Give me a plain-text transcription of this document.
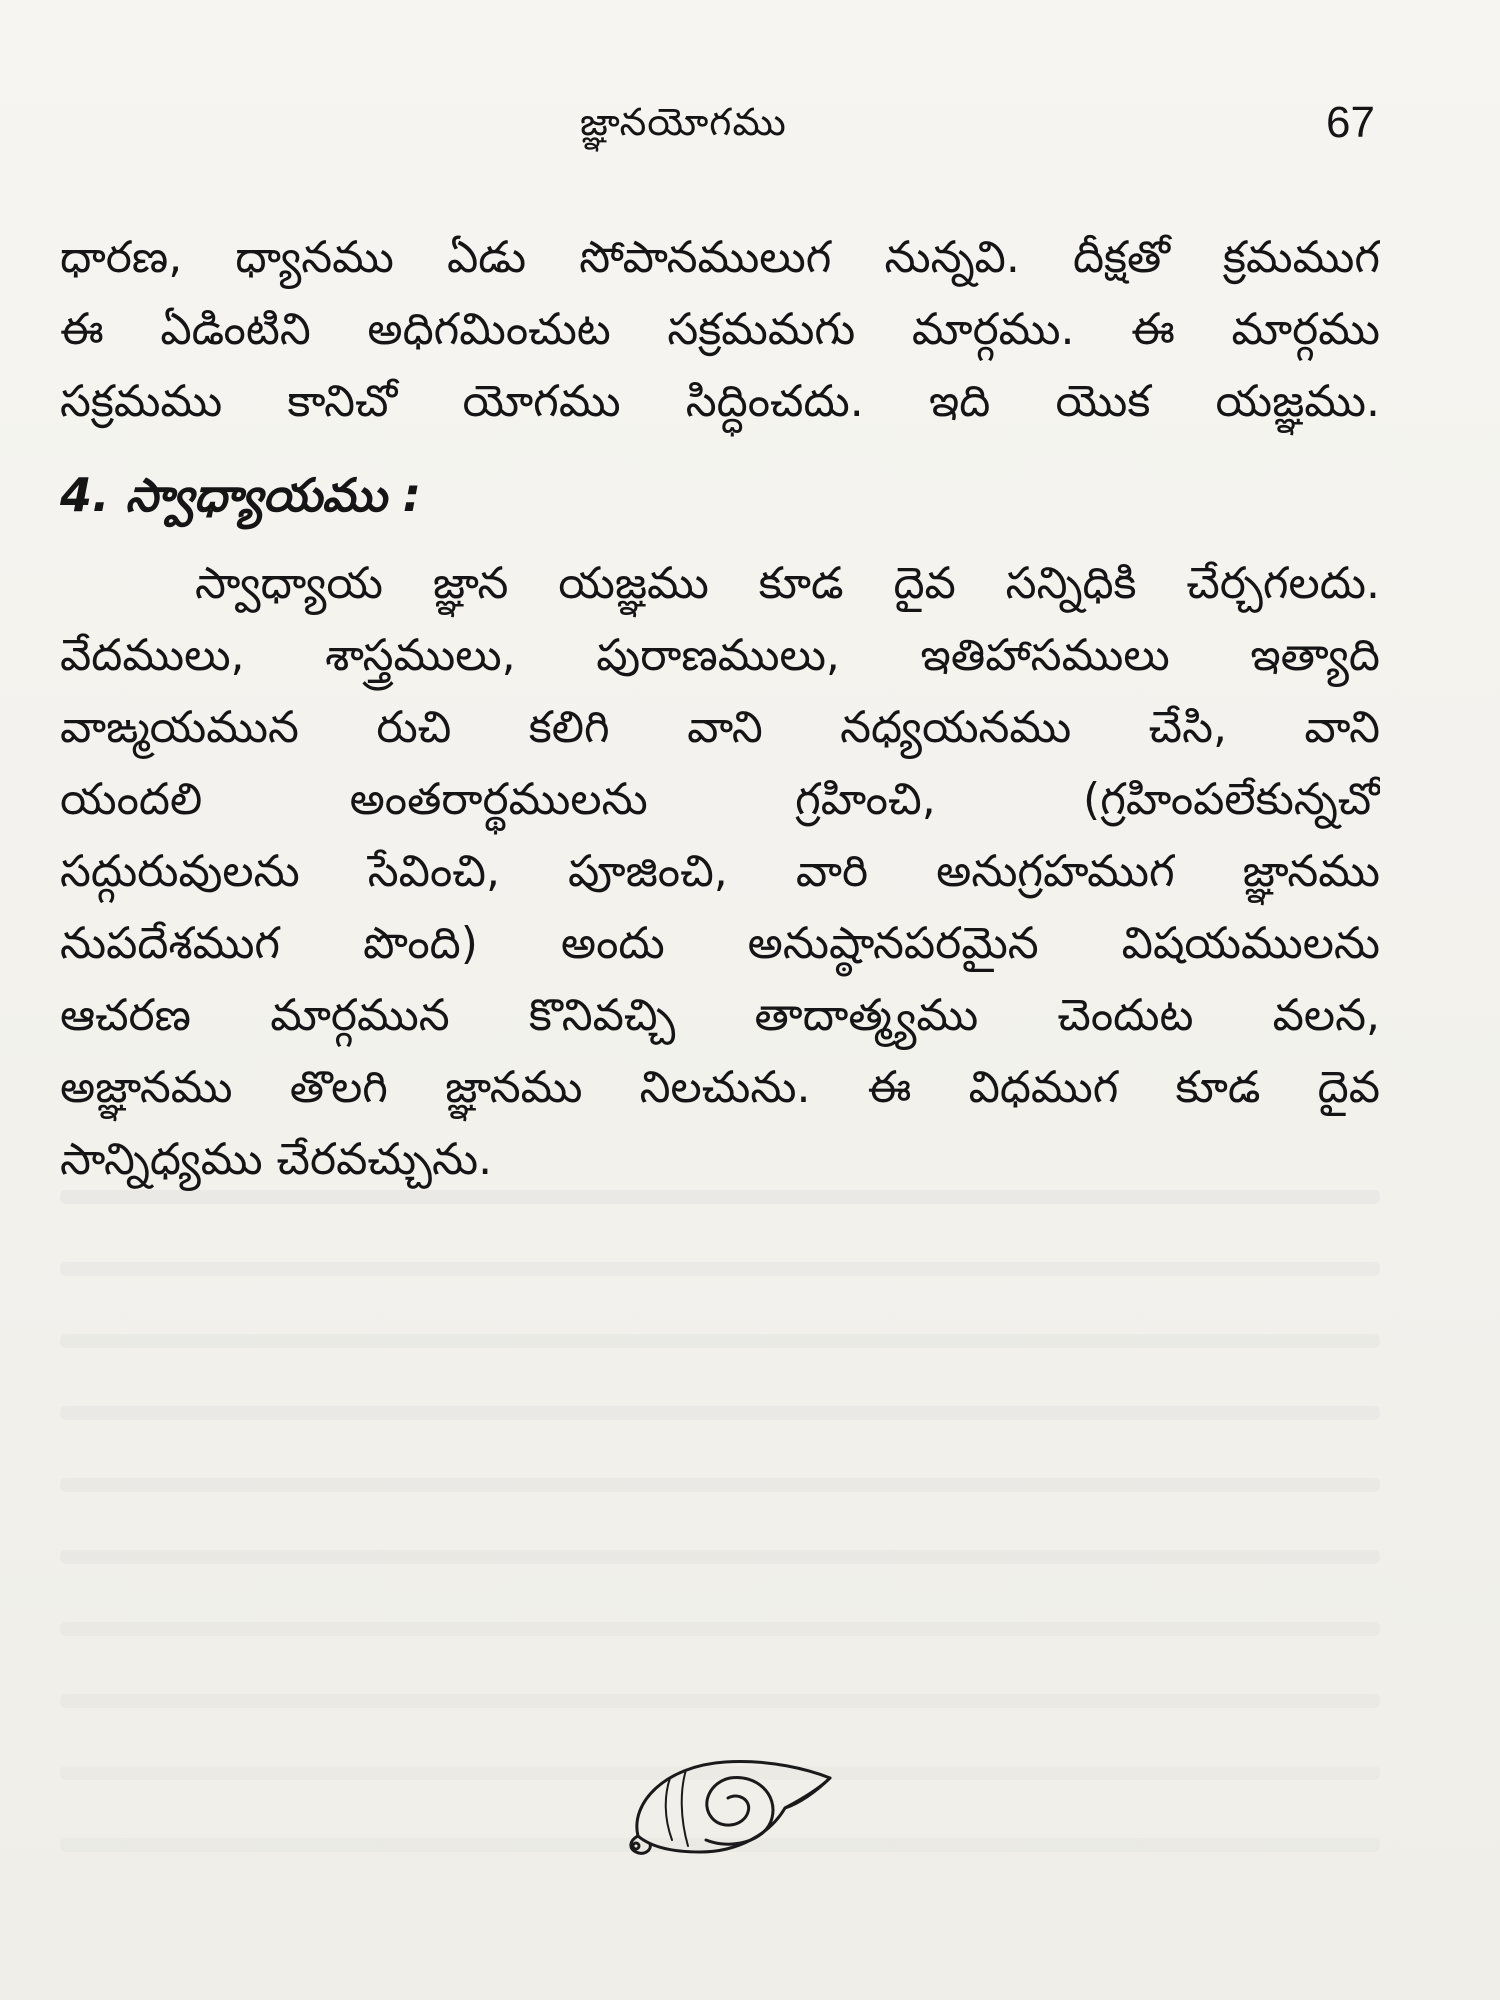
జ్ఞానయోగము	67
ధారణ, ధ్యానము ఏడు సోపానములుగ నున్నవి. దీక్షతో క్రమముగ
ఈ ఏడింటిని అధిగమించుట సక్రమమగు మార్గము. ఈ మార్గము
సక్రమము కానిచో యోగము సిద్ధించదు. ఇది యొక యజ్ఞము.
4. స్వాధ్యాయము :
స్వాధ్యాయ జ్ఞాన యజ్ఞము కూడ దైవ సన్నిధికి చేర్చగలదు.
వేదములు, శాస్త్రములు, పురాణములు, ఇతిహాసములు ఇత్యాది
వాఙ్మయమున రుచి కలిగి వాని నధ్యయనము చేసి, వాని
యందలి అంతరార్థములను గ్రహించి, (గ్రహింపలేకున్నచో
సద్గురువులను సేవించి, పూజించి, వారి అనుగ్రహముగ జ్ఞానము
నుపదేశముగ పొంది) అందు అనుష్ఠానపరమైన విషయములను
ఆచరణ మార్గమున కొనివచ్చి తాదాత్మ్యము చెందుట వలన,
అజ్ఞానము తొలగి జ్ఞానము నిలచును. ఈ విధముగ కూడ దైవ
సాన్నిధ్యము చేరవచ్చును.
